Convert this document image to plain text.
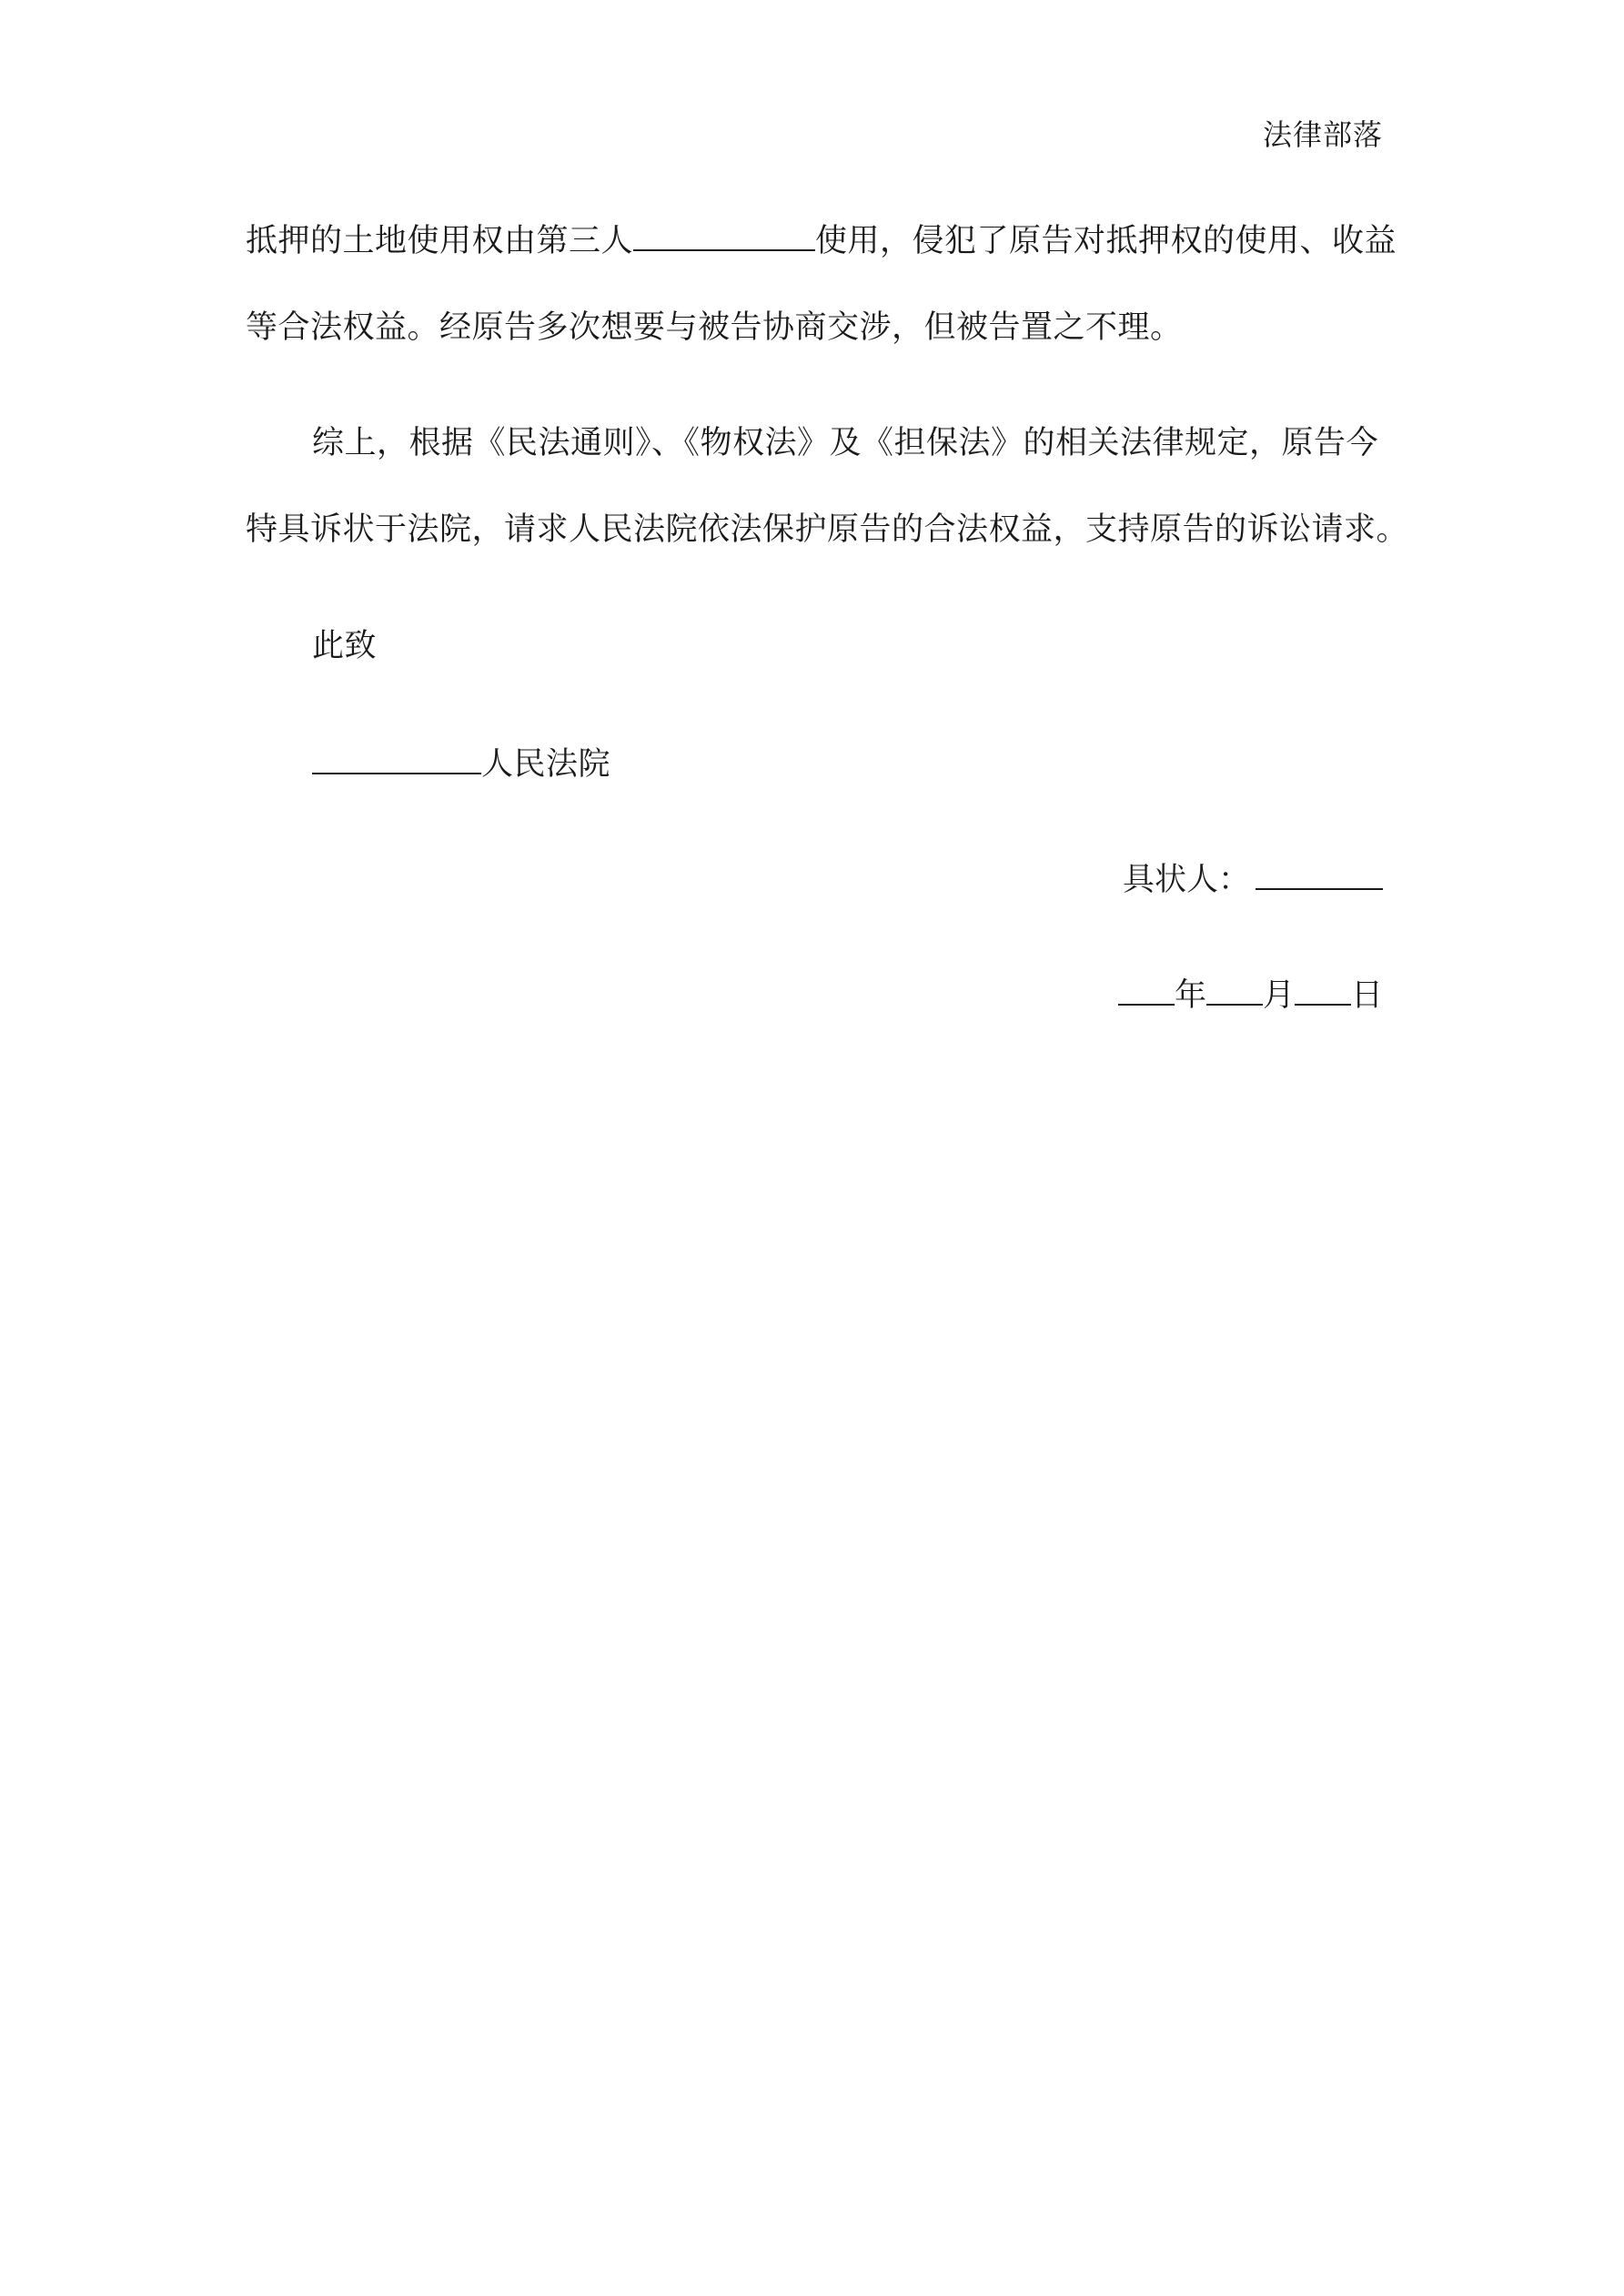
法律部落
抵押的土地使用权由第三人	使用，侵犯了原告对抵押权的使用、收益
等合法权益。经原告多次想要与被告协商交涉，但被告置之不理。
综上，根据《民法通则》、《物权法》及《担保法》的相关法律规定，原告今
特具诉状于法院，请求人民法院依法保护原告的合法权益，支持原告的诉讼请求。
此致
人民法院
具状人：
年 月 日
